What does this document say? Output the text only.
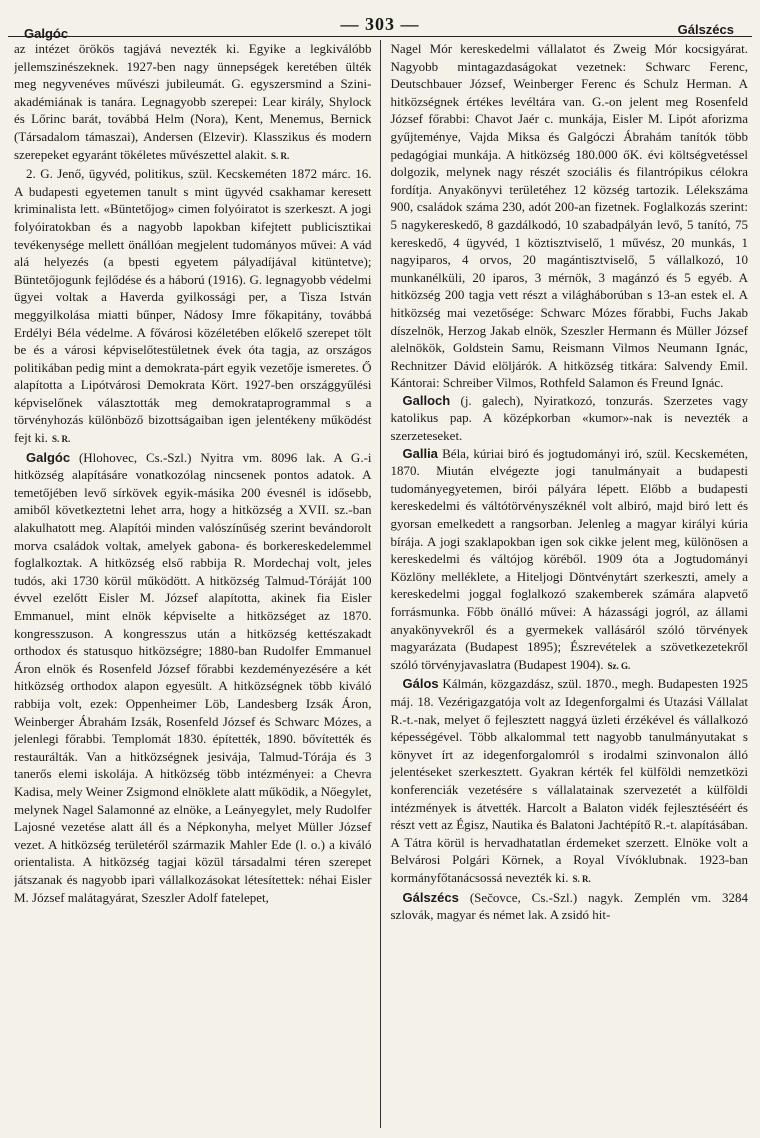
Galgóc	— 303 —	Gálszécs

az intézet örökös tagjává nevezték ki. Egyike a legkiválóbb jellemszinészeknek. 1927-ben nagy ünnepségek keretében ülték meg negyvenéves művészi jubileumát. G. egyszersmind a Szini-akadémiának is tanára. Legnagyobb szerepei: Lear király, Shylock és Lőrinc barát, továbbá Helm (Nora), Kent, Menemus, Bernick (Társadalom támaszai), Andersen (Elzevir). Klasszikus és modern szerepeket egyaránt tökéletes művészettel alakit. S. R.

2. G. Jenő, ügyvéd, politikus, szül. Kecskeméten 1872 márc. 16. A budapesti egyetemen tanult s mint ügyvéd csakhamar keresett kriminalista lett. «Büntetőjog» cimen folyóiratot is szerkeszt. A jogi folyóiratokban és a nagyobb lapokban kifejtett publicisztikai tevékenysége mellett önállóan megjelent tudományos művei: A vád alá helyezés (a bpesti egyetem pályadíjával kitüntetve); Büntetőjogunk fejlődése és a háború (1916). G. legnagyobb védelmi ügyei voltak a Haverda gyilkossági per, a Tisza István meggyilkolása miatti bűnper, Nádosy Imre főkapitány, továbbá Erdélyi Béla védelme. A fővárosi közéletében előkelő szerepet tölt be és a városi képviselőtestületnek évek óta tagja, az országos politikában pedig mint a demokrata-párt egyik vezetője ismeretes. Ő alapította a Lipótvárosi Demokrata Kört. 1927-ben országgyűlési képviselőnek választották meg demokrataprogrammal s a törvényhozás különböző bizottságaiban igen jelentékeny működést fejt ki. S. R.

Galgóc (Hlohovec, Cs.-Szl.) Nyitra vm. 8096 lak. A G.-i hitközség alapításáre vonatkozólag nincsenek pontos adatok. A temetőjében levő sírkövek egyik-másika 200 évesnél is idősebb, amiből következtetni lehet arra, hogy a hitközség a XVII. sz.-ban alakulhatott meg. Alapítói minden valószínűség szerint bevándorolt morva családok voltak, amelyek gabona- és borkereskedelemmel foglalkoztak. A hitközség első rabbija R. Mordechaj volt, jeles tudós, aki 1730 körül működött. A hitközség Talmud-Tóráját 100 évvel ezelőtt Eisler M. József alapította, akinek fia Eisler Emmanuel, mint elnök képviselte a hitközséget az 1870. kongresszuson. A kongresszus után a hitközség kettészakadt orthodox és statusquo hitközségre; 1880-ban Rudolfer Emmanuel Áron elnök és Rosenfeld József főrabbi kezdeményezésére a két hitközség orthodox alapon egyesült. A hitközségnek több kiváló rabbija volt, ezek: Oppenheimer Löb, Landesberg Izsák Áron, Weinberger Ábrahám Izsák, Rosenfeld József és Schwarc Mózes, a jelenlegi főrabbi. Templomát 1830. építették, 1890. bővítették és restaurálták. Van a hitközségnek jesivája, Talmud-Tórája és 3 tanerős elemi iskolája. A hitközség több intézményei: a Chevra Kadisa, mely Weiner Zsigmond elnöklete alatt működik, a Nőegylet, melynek Nagel Salamonné az elnöke, a Leányegylet, mely Rudolfer Lajosné vezetése alatt áll és a Népkonyha, melyet Müller József vezet. A hitközség területéről származik Mahler Ede (l. o.) a kiváló orientalista. A hitközség tagjai közül társadalmi téren szerepet játszanak és nagyobb ipari vállalkozásokat létesítettek: néhai Eisler M. József malátagyárat, Szeszler Adolf fatelepet,

Nagel Mór kereskedelmi vállalatot és Zweig Mór kocsigyárat. Nagyobb mintagazdaságokat vezetnek: Schwarc Ferenc, Deutschbauer József, Weinberger Ferenc és Schulz Herman. A hitközségnek értékes levéltára van. G.-on jelent meg Rosenfeld József főrabbi: Chavot Jaér c. munkája, Eisler M. Lipót aforizma gyűjteménye, Vajda Miksa és Galgóczi Ábrahám tanítók több pedagógiai munkája. A hitközség 180.000 őK. évi költségvetéssel dolgozik, melynek nagy részét szociális és filantrópikus célokra fordítja. Anyakönyvi területéhez 12 község tartozik. Lélekszáma 900, családok száma 230, adót 200-an fizetnek. Foglalkozás szerint: 5 nagykereskedő, 8 gazdálkodó, 10 szabadpályán levő, 5 tanító, 75 kereskedő, 4 ügyvéd, 1 köztisztviselő, 1 művész, 20 munkás, 1 nagyiparos, 4 orvos, 20 magántisztviselő, 5 vállalkozó, 10 munkanélküli, 20 iparos, 3 mérnök, 3 magánzó és 5 egyéb. A hitközség 200 tagja vett részt a világháborúban s 13-an estek el. A hitközség mai vezetősége: Schwarc Mózes főrabbi, Fuchs Jakab díszelnök, Herzog Jakab elnök, Szeszler Hermann és Müller József alelnökök, Goldstein Samu, Reismann Vilmos Neumann Ignác, Rechnitzer Dávid elöljárók. A hitközség titkára: Salvendy Emil. Kántorai: Schreiber Vilmos, Rothfeld Salamon és Freund Ignác.

Galloch (j. galech), Nyiratkozó, tonzurás. Szerzetes vagy katolikus pap. A középkorban «kumor»-nak is nevezték a szerzeteseket.

Gallia Béla, kúriai biró és jogtudományi iró, szül. Kecskeméten, 1870. Miután elvégezte jogi tanulmányait a budapesti tudományegyetemen, birói pályára lépett. Előbb a budapesti kereskedelmi és váltótörvényszéknél volt albiró, majd biró lett és gyorsan emelkedett a rangsorban. Jelenleg a magyar királyi kúria bírája. A jogi szaklapokban igen sok cikke jelent meg, különösen a kereskedelmi és váltójog köréből. 1909 óta a Jogtudományi Közlöny melléklete, a Hiteljogi Döntvénytárt szerkeszti, amely a kereskedelmi joggal foglalkozó szakemberek számára alapvető forrásmunka. Főbb önálló művei: A házassági jogról, az állami anyakönyvekről és a gyermekek vallásáról szóló törvények magyarázata (Budapest 1895); Észrevételek a szövetkezetekről szóló törvényjavaslatra (Budapest 1904). Sz. G.

Gálos Kálmán, közgazdász, szül. 1870., megh. Budapesten 1925 máj. 18. Vezérigazgatója volt az Idegenforgalmi és Utazási Vállalat R.-t.-nak, melyet ő fejlesztett naggyá üzleti érzékével és vállalkozó képességével. Több alkalommal tett nagyobb tanulmányutakat s könyvet írt az idegenforgalomról s irodalmi szinvonalon álló jelentéseket szerkesztett. Gyakran kérték fel külföldi nemzetközi konferenciák vezetésére s vállalatainak szervezetét a külföldi intézmények is átvették. Harcolt a Balaton vidék fejlesztéséért és részt vett az Égisz, Nautika és Balatoni Jachtépítő R.-t. alapításában. A Tátra körül is hervadhatatlan érdemeket szerzett. Elnöke volt a Belvárosi Polgári Körnek, a Royal Vívóklubnak. 1923-ban kormányfőtanácsossá nevezték ki. S. R.

Gálszécs (Sečovce, Cs.-Szl.) nagyk. Zemplén vm. 3284 szlovák, magyar és német lak. A zsidó hit-
